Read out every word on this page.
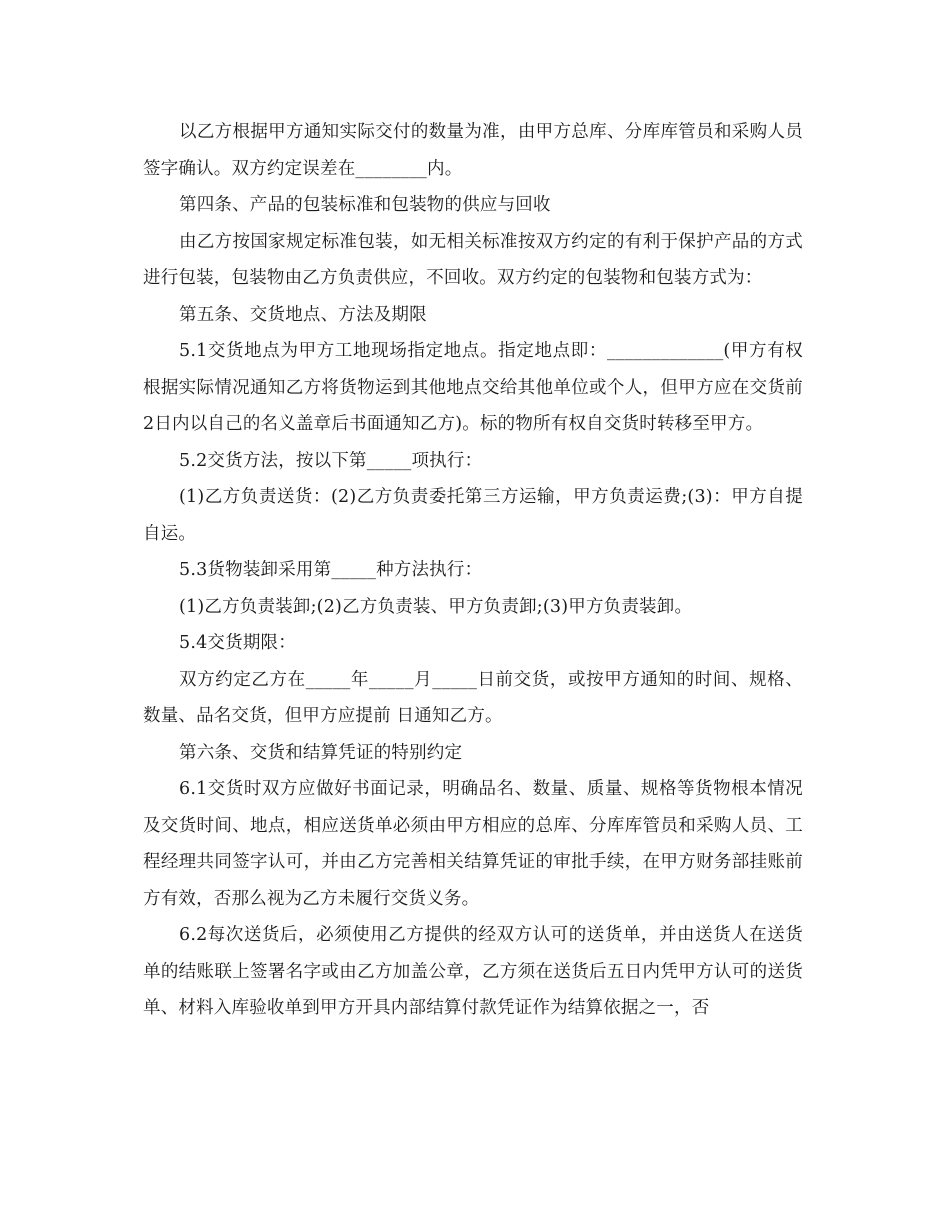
以乙方根据甲方通知实际交付的数量为准，由甲方总库、分库库管员和采购人员签字确认。双方约定误差在________内。

第四条、产品的包装标准和包装物的供应与回收

由乙方按国家规定标准包装，如无相关标准按双方约定的有利于保护产品的方式进行包装，包装物由乙方负责供应，不回收。双方约定的包装物和包装方式为：

第五条、交货地点、方法及期限

5.1交货地点为甲方工地现场指定地点。指定地点即：_____________(甲方有权根据实际情况通知乙方将货物运到其他地点交给其他单位或个人，但甲方应在交货前2日内以自己的名义盖章后书面通知乙方)。标的物所有权自交货时转移至甲方。

5.2交货方法，按以下第_____项执行：

(1)乙方负责送货：(2)乙方负责委托第三方运输，甲方负责运费;(3)：甲方自提自运。

5.3货物装卸采用第_____种方法执行：

(1)乙方负责装卸;(2)乙方负责装、甲方负责卸;(3)甲方负责装卸。

5.4交货期限：

双方约定乙方在_____年_____月_____日前交货，或按甲方通知的时间、规格、数量、品名交货，但甲方应提前 日通知乙方。

第六条、交货和结算凭证的特别约定

6.1交货时双方应做好书面记录，明确品名、数量、质量、规格等货物根本情况及交货时间、地点，相应送货单必须由甲方相应的总库、分库库管员和采购人员、工程经理共同签字认可，并由乙方完善相关结算凭证的审批手续，在甲方财务部挂账前方有效，否那么视为乙方未履行交货义务。

6.2每次送货后，必须使用乙方提供的经双方认可的送货单，并由送货人在送货单的结账联上签署名字或由乙方加盖公章，乙方须在送货后五日内凭甲方认可的送货单、材料入库验收单到甲方开具内部结算付款凭证作为结算依据之一，否
